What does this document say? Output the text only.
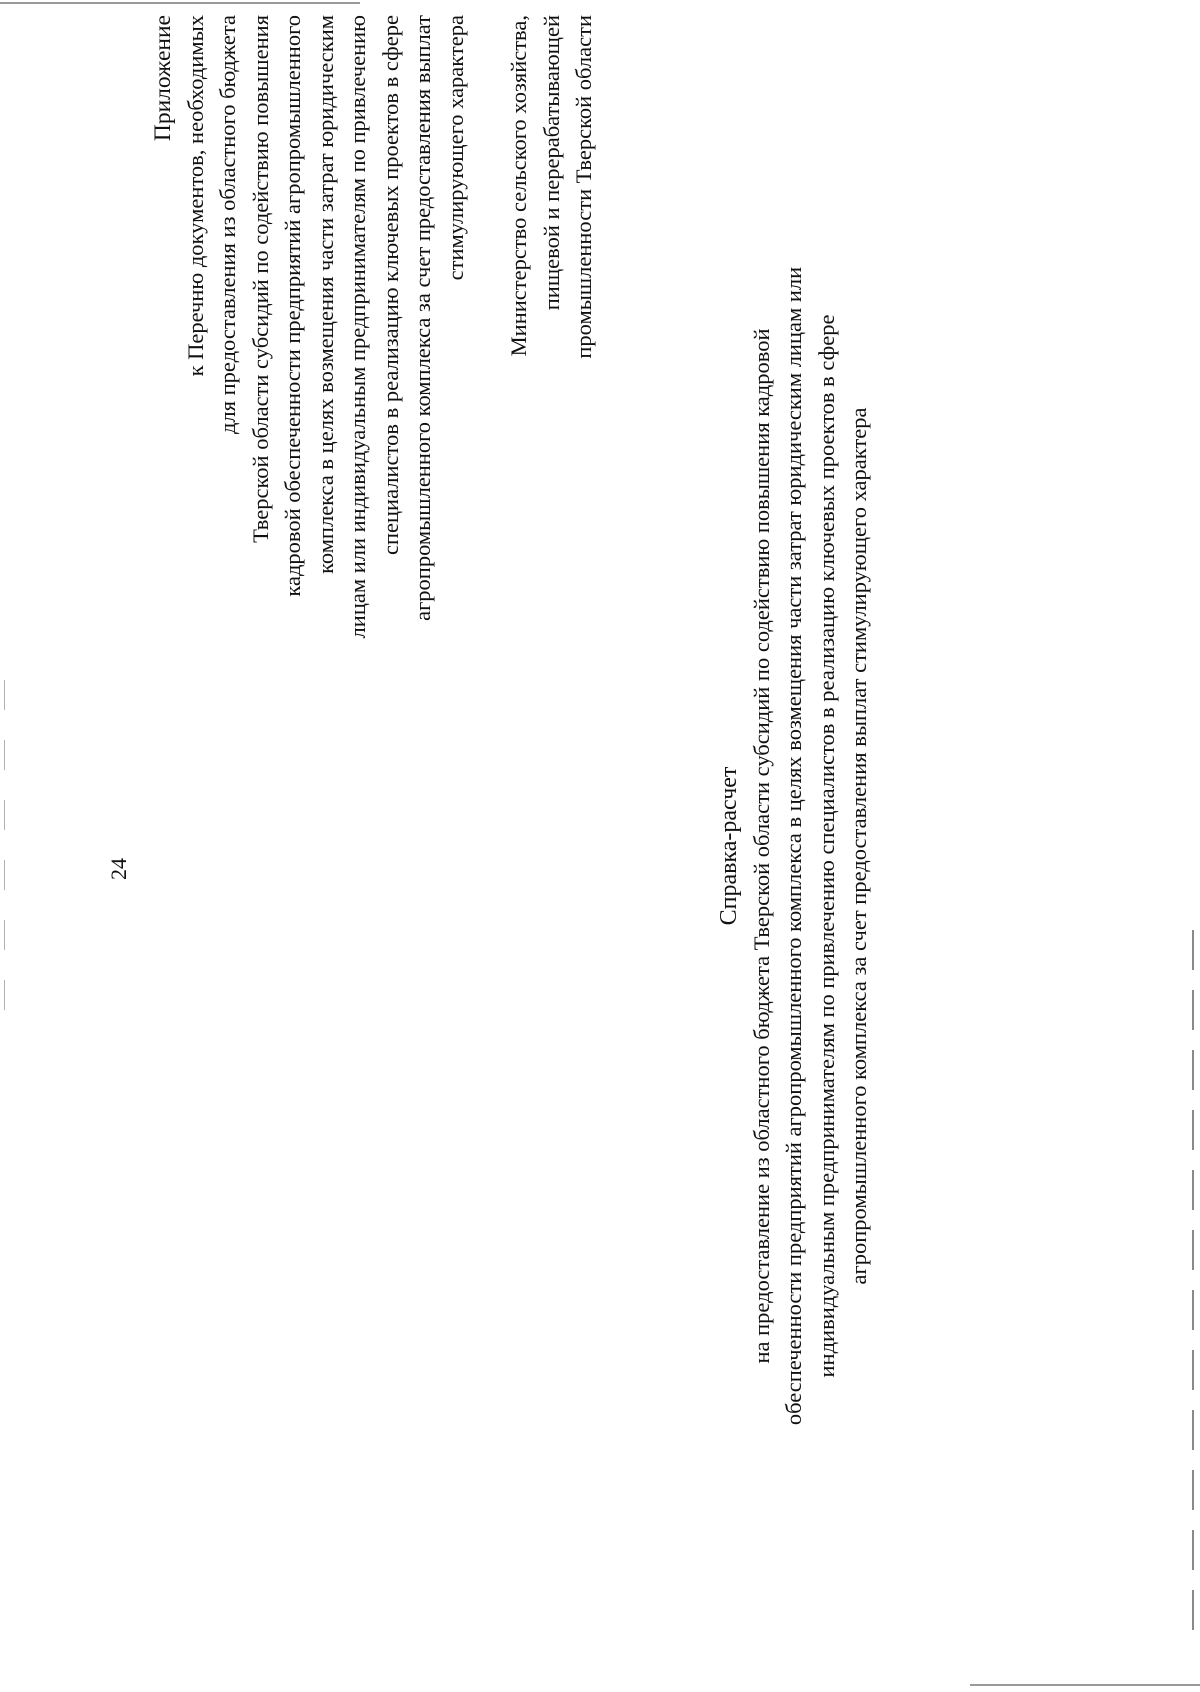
24
Приложение к Перечню документов, необходимых для предоставления из областного бюджета Тверской области субсидий по содействию повышения кадровой обеспеченности предприятий агропромышленного комплекса в целях возмещения части затрат юридическим лицам или индивидуальным предпринимателям по привлечению специалистов в реализацию ключевых проектов в сфере агропромышленного комплекса за счет предоставления выплат стимулирующего характера Министерство сельского хозяйства, пищевой и перерабатывающей промышленности Тверской области
Справка-расчет на предоставление из областного бюджета Тверской области субсидий по содействию повышения кадровой обеспеченности предприятий агропромышленного комплекса в целях возмещения части затрат юридическим лицам или индивидуальным предпринимателям по привлечению специалистов в реализацию ключевых проектов в сфере агропромышленного комплекса за счет предоставления выплат стимулирующего характера
